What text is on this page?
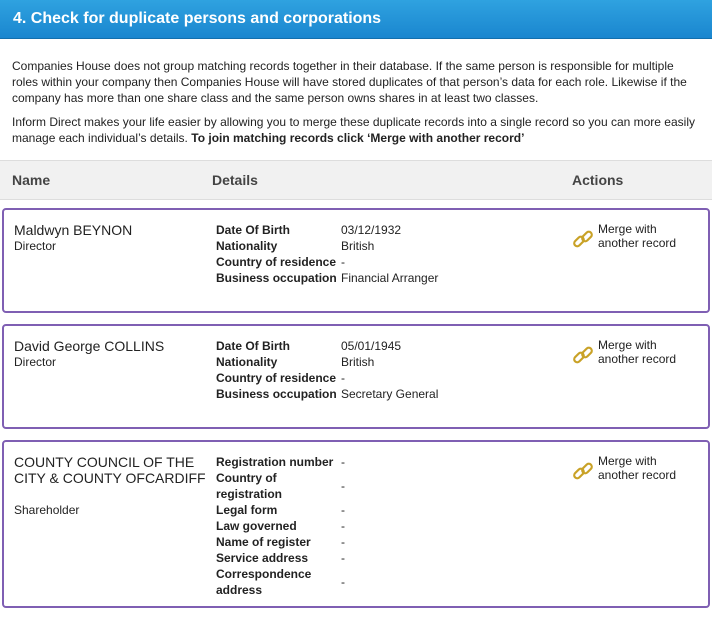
4. Check for duplicate persons and corporations

Companies House does not group matching records together in their database. If the same person is responsible for multiple roles within your company then Companies House will have stored duplicates of that person’s data for each role. Likewise if the company has more than one share class and the same person owns shares in at least two classes.

Inform Direct makes your life easier by allowing you to merge these duplicate records into a single record so you can more easily manage each individual’s details. To join matching records click ‘Merge with another record’

Name	Details	Actions
Maldwyn BEYNON
Director
Date Of Birth	03/12/1932
Nationality	British
Country of residence -
Business occupation Financial Arranger
Merge with
another record
David George COLLINS
Director
Date Of Birth	05/01/1945
Nationality	British
Country of residence -
Business occupation Secretary General
Merge with
another record
COUNTY COUNCIL OF THE CITY & COUNTY OFCARDIFF
Shareholder
Registration number -
Country of registration
-
Legal form	-
Law governed	-
Name of register	-
Service address	-
Correspondence address
-
Merge with
another record
